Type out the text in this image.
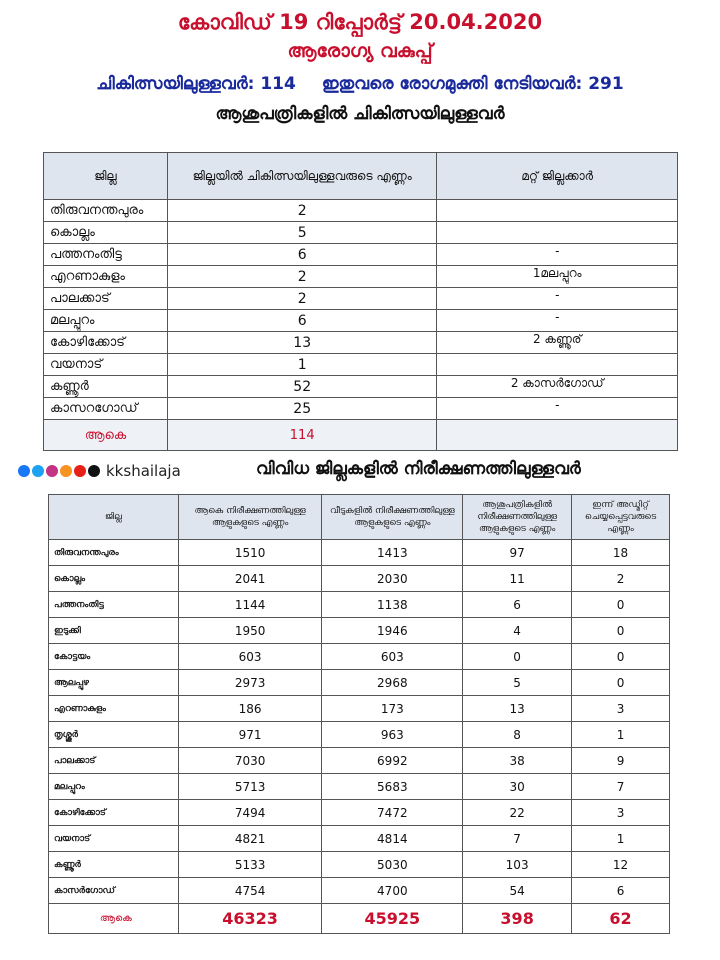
കോവിഡ് 19 റിപ്പോർട്ട് 20.04.2020
ആരോഗ്യ വകുപ്പ്
ചികിത്സയിലുള്ളവർ: 114 ഇതുവരെ രോഗമുക്തി നേടിയവർ: 291
ആശുപത്രികളിൽ ചികിത്സയിലുള്ളവർ
ജില്ല	ജില്ലയിൽ ചികിത്സയിലുള്ളവരുടെ എണ്ണം	മറ്റ് ജില്ലക്കാർ
തിരുവനന്തപുരം	2	
കൊല്ലം	5	
പത്തനംതിട്ട	6	-
എറണാകുളം	2	1മലപ്പുറം
പാലക്കാട്	2	-
മലപ്പുറം	6	-
കോഴിക്കോട്	13	2 കണ്ണൂര്
വയനാട്	1	
കണ്ണൂർ	52	2 കാസർഗോഡ്
കാസറഗോഡ്	25	-
ആകെ	114	
kkshailaja	വിവിധ ജില്ലകളിൽ നിരീക്ഷണത്തിലുള്ളവർ
ജില്ല	ആകെ നിരീക്ഷണത്തിലുള്ള ആളുകളുടെ എണ്ണം	വീടുകളിൽ നിരീക്ഷണത്തിലുള്ള ആളുകളുടെ എണ്ണം	ആശുപത്രികളിൽ നിരീക്ഷണത്തിലുള്ള ആളുകളുടെ എണ്ണം	ഇന്ന് അഡ്മിറ്റ് ചെയ്യപ്പെട്ടവരുടെ എണ്ണം
തിരുവനന്തപുരം	1510	1413	97	18
കൊല്ലം	2041	2030	11	2
പത്തനംതിട്ട	1144	1138	6	0
ഇടുക്കി	1950	1946	4	0
കോട്ടയം	603	603	0	0
ആലപ്പുഴ	2973	2968	5	0
എറണാകുളം	186	173	13	3
തൃശ്ശൂർ	971	963	8	1
പാലക്കാട്	7030	6992	38	9
മലപ്പുറം	5713	5683	30	7
കോഴിക്കോട്	7494	7472	22	3
വയനാട്	4821	4814	7	1
കണ്ണൂർ	5133	5030	103	12
കാസർഗോഡ്	4754	4700	54	6
ആകെ	46323	45925	398	62
